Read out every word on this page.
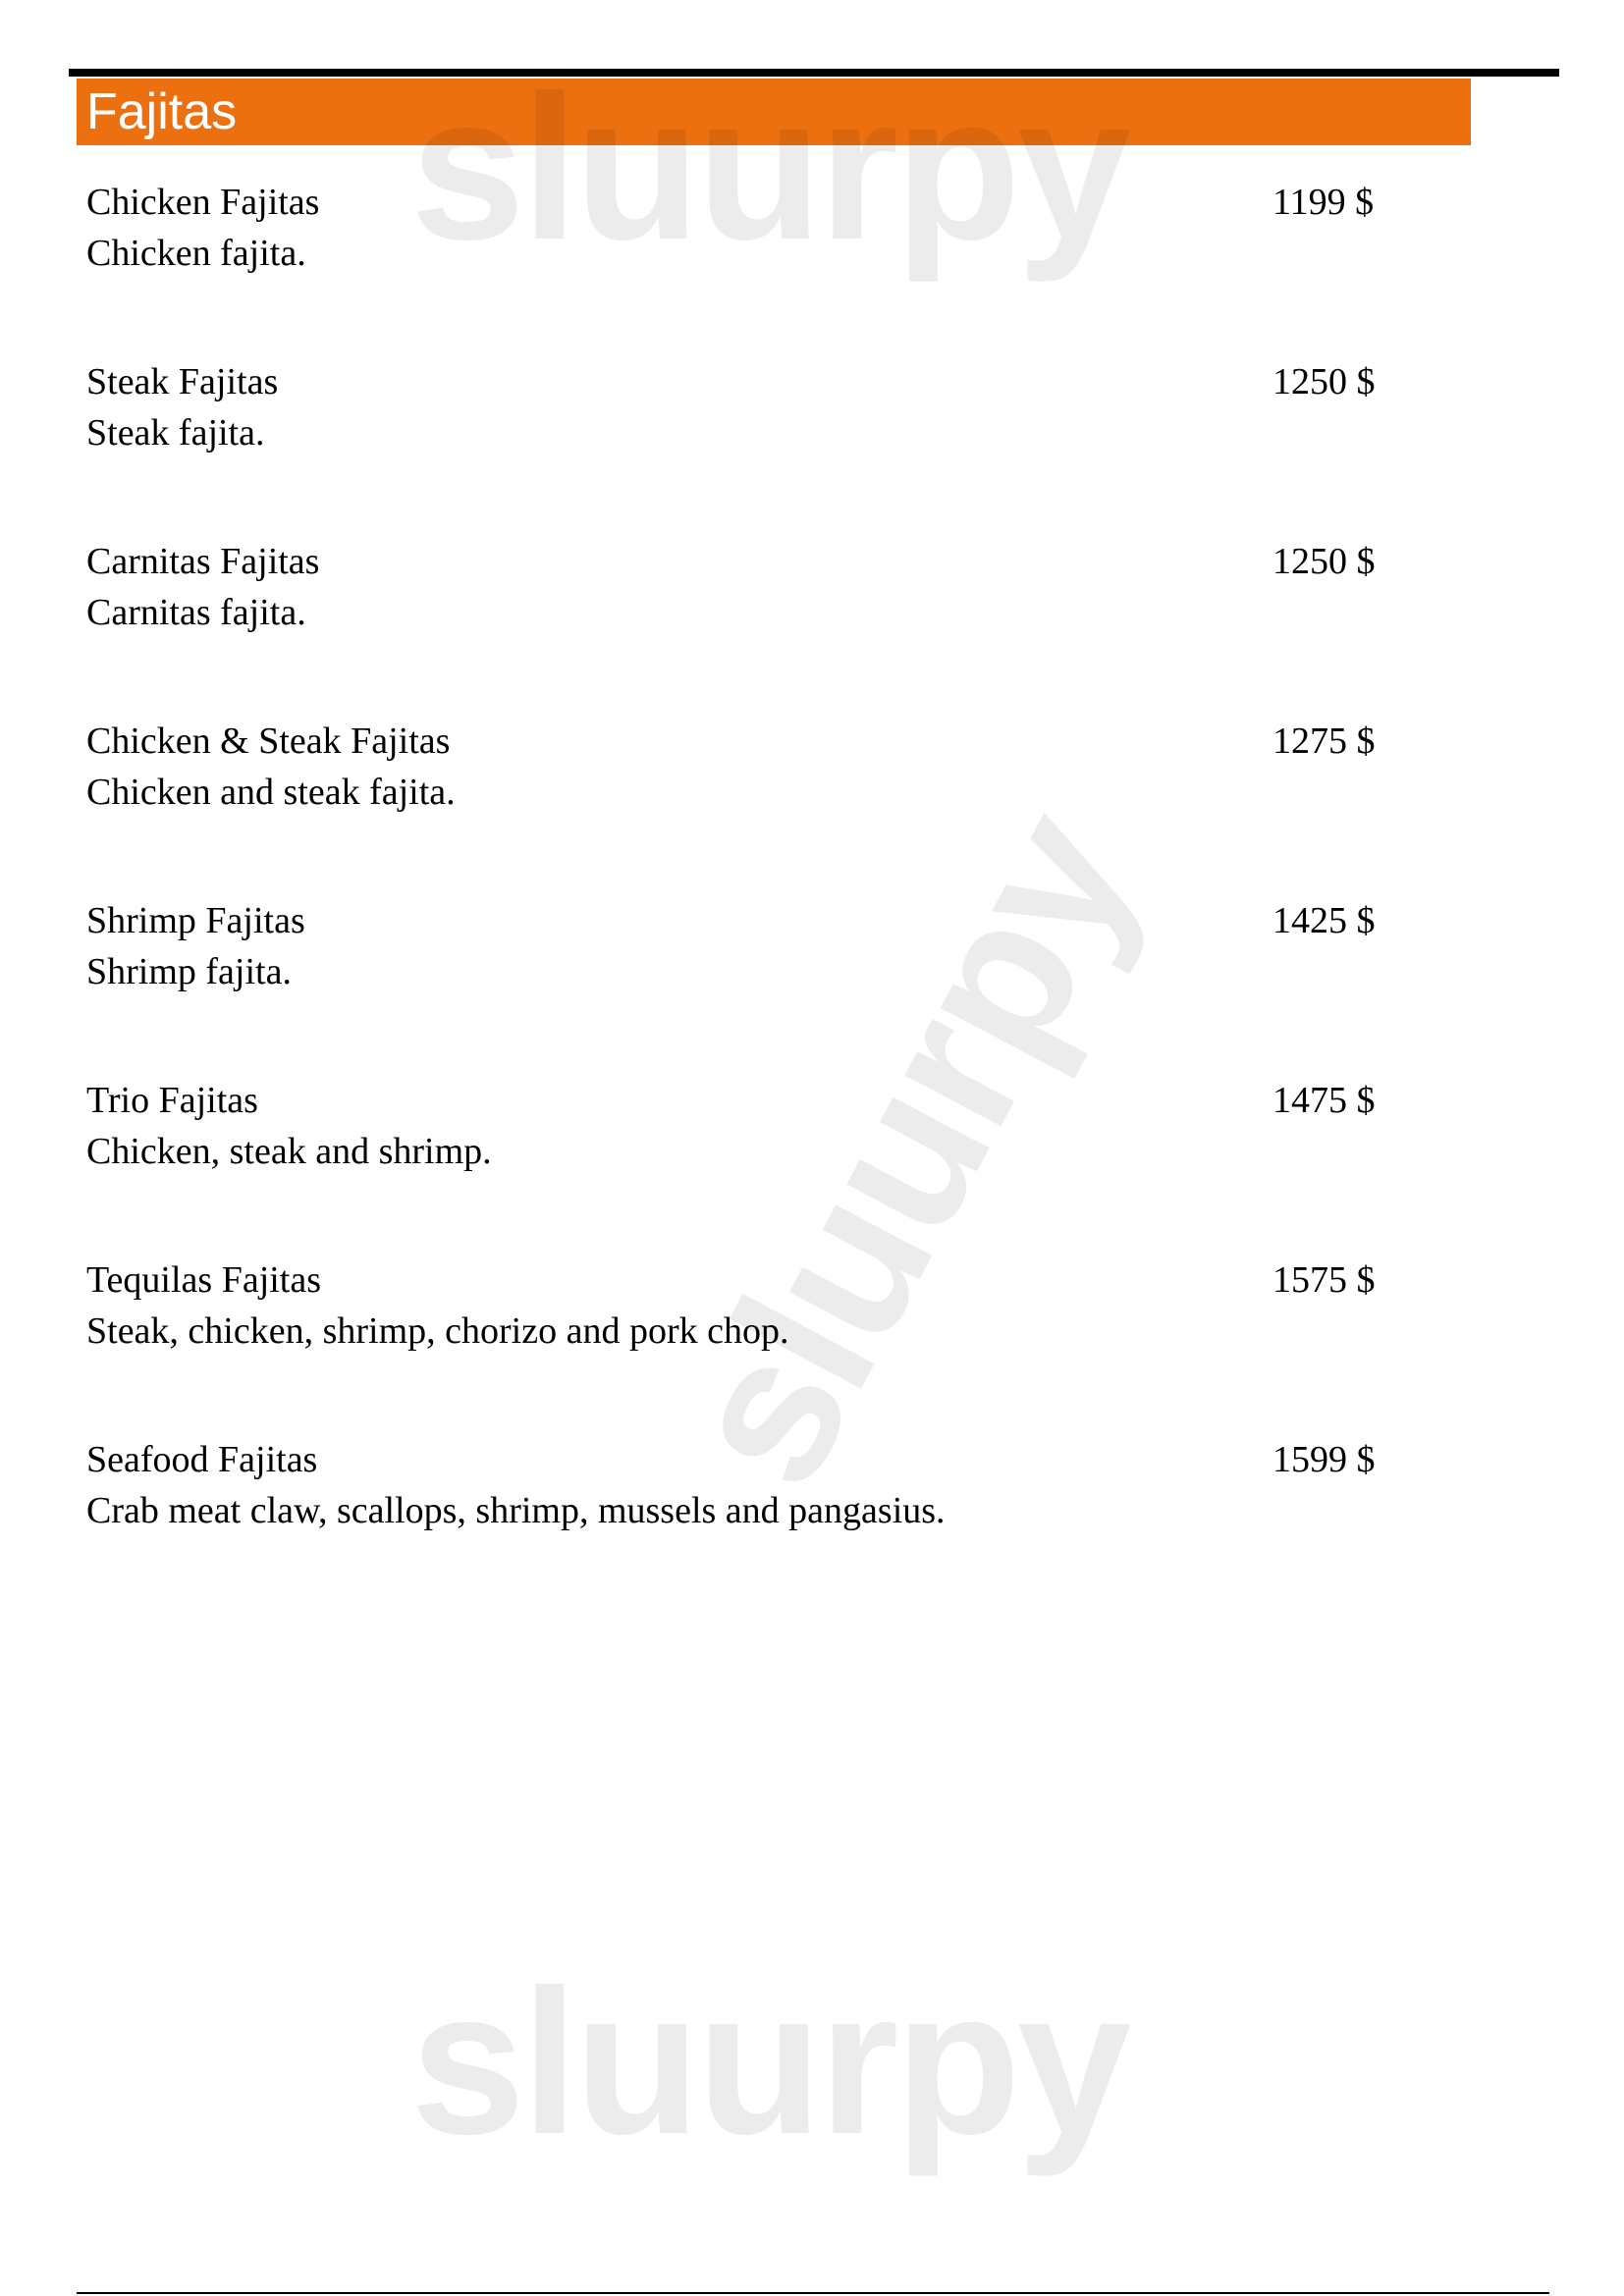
Fajitas
Chicken Fajitas
Chicken fajita.
1199 $
Steak Fajitas
Steak fajita.
1250 $
Carnitas Fajitas
Carnitas fajita.
1250 $
Chicken & Steak Fajitas
Chicken and steak fajita.
1275 $
Shrimp Fajitas
Shrimp fajita.
1425 $
Trio Fajitas
Chicken, steak and shrimp.
1475 $
Tequilas Fajitas
Steak, chicken, shrimp, chorizo and pork chop.
1575 $
Seafood Fajitas
Crab meat claw, scallops, shrimp, mussels and pangasius.
1599 $
sluurpy
sluurpy
sluurpy
